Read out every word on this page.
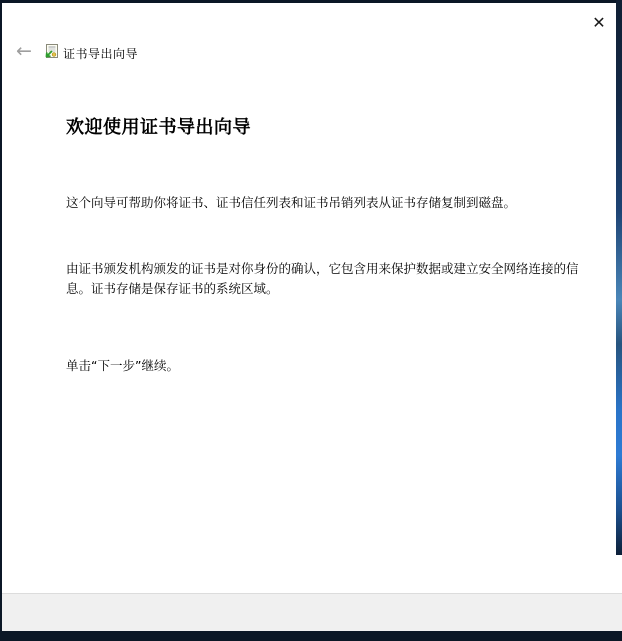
←	证书导出向导
✕
欢迎使用证书导出向导
这个向导可帮助你将证书、证书信任列表和证书吊销列表从证书存储复制到磁盘。
由证书颁发机构颁发的证书是对你身份的确认，它包含用来保护数据或建立安全网络连接的信息。证书存储是保存证书的系统区域。
单击“下一步”继续。
